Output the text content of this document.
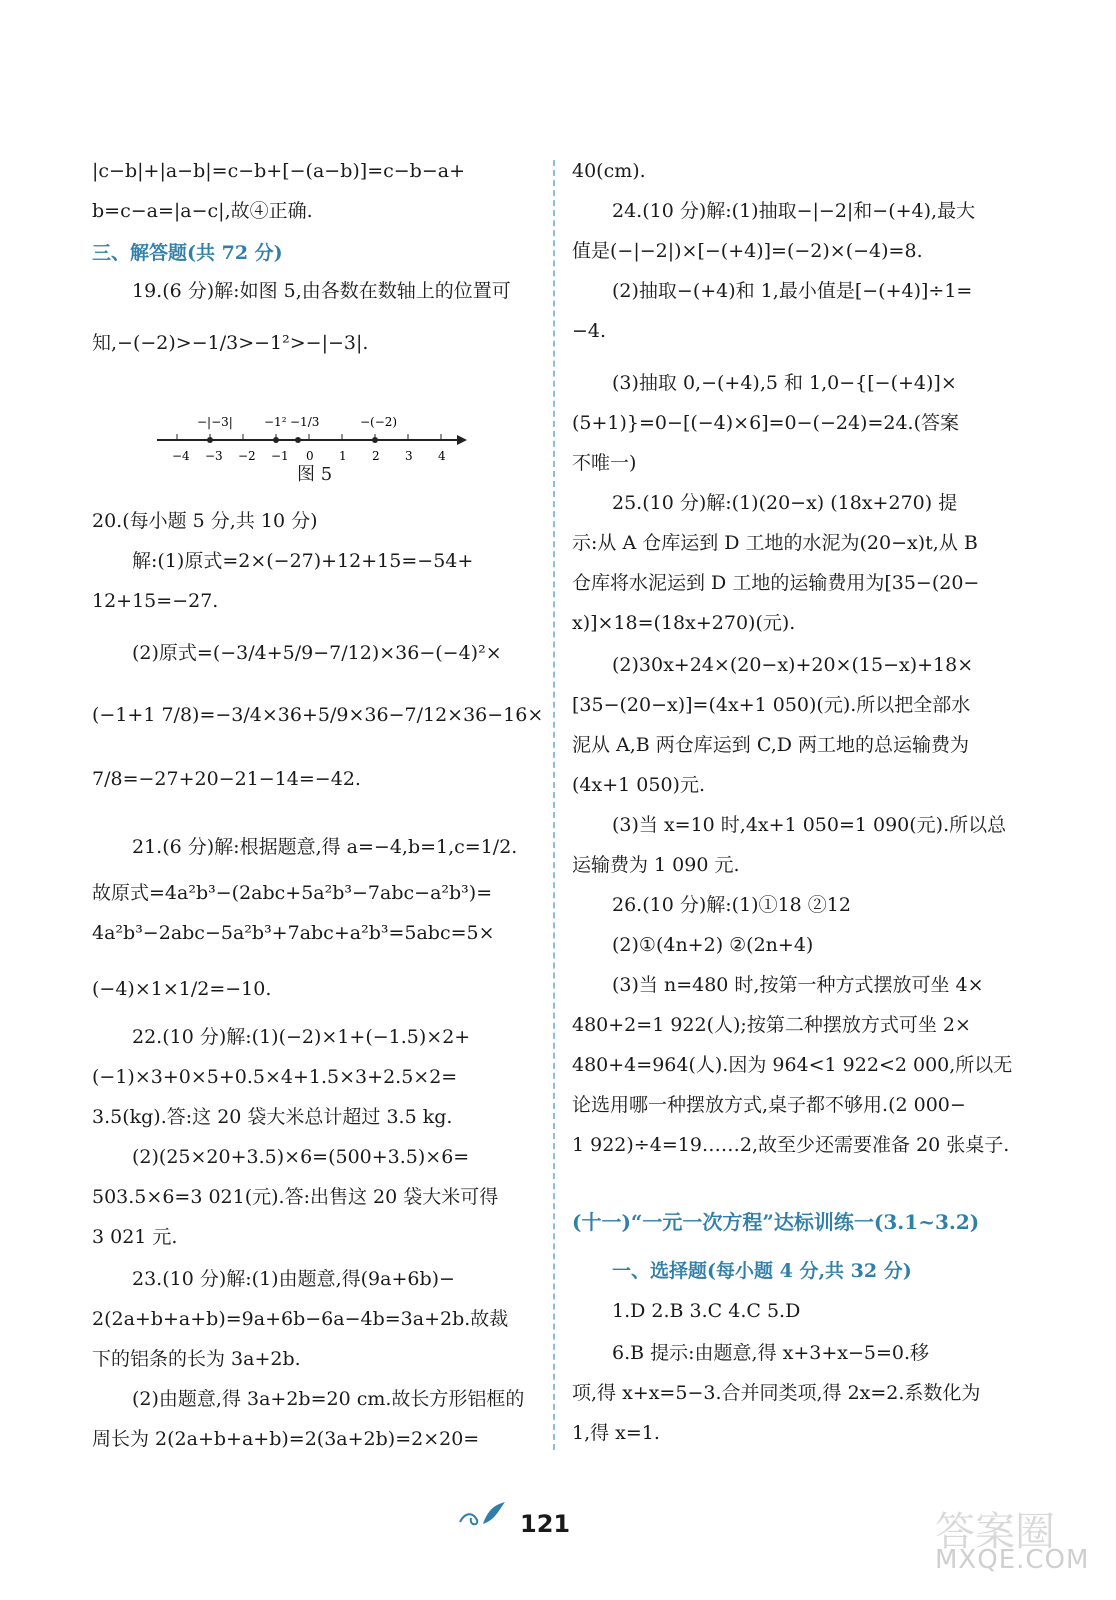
|c−b|+|a−b|=c−b+[−(a−b)]=c−b−a+
b=c−a=|a−c|,故④正确.
三、解答题(共 72 分)
19.(6 分)解:如图 5,由各数在数轴上的位置可
知,−(−2)>−1/3>−1²>−|−3|.
−4 −3 −2 −1 0 1 2 3 4
−|−3|	−1² −1/3	−(−2)
图 5
20.(每小题 5 分,共 10 分)
解:(1)原式=2×(−27)+12+15=−54+
12+15=−27.
(2)原式=(−3/4+5/9−7/12)×36−(−4)²×
(−1+1 7/8)=−3/4×36+5/9×36−7/12×36−16×
7/8=−27+20−21−14=−42.
21.(6 分)解:根据题意,得 a=−4,b=1,c=1/2.
故原式=4a²b³−(2abc+5a²b³−7abc−a²b³)=
4a²b³−2abc−5a²b³+7abc+a²b³=5abc=5×
(−4)×1×1/2=−10.
22.(10 分)解:(1)(−2)×1+(−1.5)×2+
(−1)×3+0×5+0.5×4+1.5×3+2.5×2=
3.5(kg).答:这 20 袋大米总计超过 3.5 kg.
(2)(25×20+3.5)×6=(500+3.5)×6=
503.5×6=3 021(元).答:出售这 20 袋大米可得
3 021 元.
23.(10 分)解:(1)由题意,得(9a+6b)−
2(2a+b+a+b)=9a+6b−6a−4b=3a+2b.故裁
下的铝条的长为 3a+2b.
(2)由题意,得 3a+2b=20 cm.故长方形铝框的
周长为 2(2a+b+a+b)=2(3a+2b)=2×20=
40(cm).
24.(10 分)解:(1)抽取−|−2|和−(+4),最大
值是(−|−2|)×[−(+4)]=(−2)×(−4)=8.
(2)抽取−(+4)和 1,最小值是[−(+4)]÷1=
−4.
(3)抽取 0,−(+4),5 和 1,0−{[−(+4)]×
(5+1)}=0−[(−4)×6]=0−(−24)=24.(答案
不唯一)
25.(10 分)解:(1)(20−x) (18x+270) 提
示:从 A 仓库运到 D 工地的水泥为(20−x)t,从 B
仓库将水泥运到 D 工地的运输费用为[35−(20−
x)]×18=(18x+270)(元).
(2)30x+24×(20−x)+20×(15−x)+18×
[35−(20−x)]=(4x+1 050)(元).所以把全部水
泥从 A,B 两仓库运到 C,D 两工地的总运输费为
(4x+1 050)元.
(3)当 x=10 时,4x+1 050=1 090(元).所以总
运输费为 1 090 元.
26.(10 分)解:(1)①18 ②12
(2)①(4n+2) ②(2n+4)
(3)当 n=480 时,按第一种方式摆放可坐 4×
480+2=1 922(人);按第二种摆放方式可坐 2×
480+4=964(人).因为 964<1 922<2 000,所以无
论选用哪一种摆放方式,桌子都不够用.(2 000−
1 922)÷4=19……2,故至少还需要准备 20 张桌子.
(十一)“一元一次方程”达标训练一(3.1~3.2)
一、选择题(每小题 4 分,共 32 分)
1.D 2.B 3.C 4.C 5.D
6.B 提示:由题意,得 x+3+x−5=0.移
项,得 x+x=5−3.合并同类项,得 2x=2.系数化为
1,得 x=1.
121	答案圈
MXQE.COM
